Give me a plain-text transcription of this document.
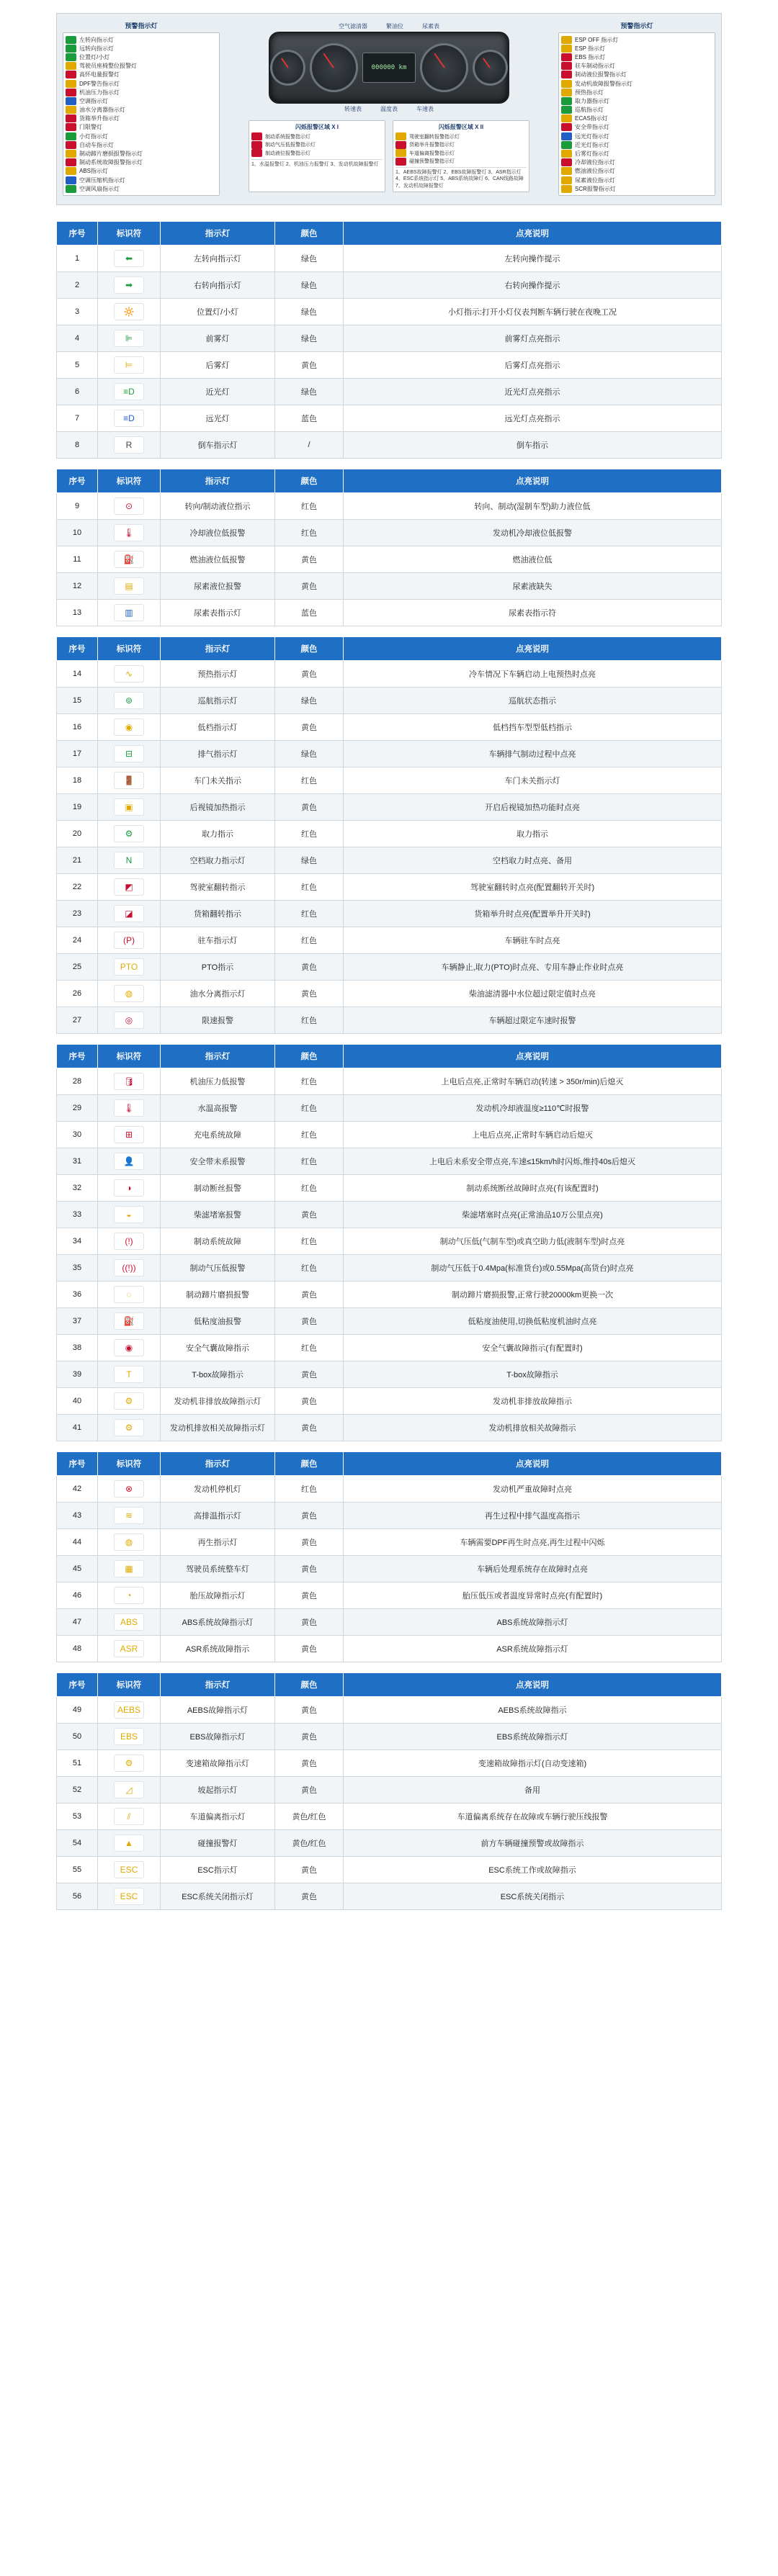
预警指示灯
左转向指示灯
远转向指示灯
位置灯/小灯
驾驶员座椅整位报警灯
高怀电量报警灯
DPF警告指示灯
机油压力指示灯
空调指示灯
油水分离器指示灯
货箱举升指示灯
门限警灯
小灯指示灯
自动车指示灯
制动蹄片磨损报警指示灯
制动系统故障报警指示灯
ABS指示灯
空调压缩机指示灯
空调风扇指示灯
空气滤清器	繁油位	尿素表
000000 km
转速表	温度表	车速表
闪烁报警区域 X I
制动系统报警指示灯
制动气压低报警指示灯
制动液位报警指示灯
1、水温报警灯 2、机油压力报警灯 3、发动机故障报警灯
闪烁报警区域 X II
驾驶室翻转报警指示灯
货箱举升报警指示灯
车道偏离报警指示灯
碰撞预警报警指示灯
1、AEBS故障报警灯 2、EBS故障报警灯 3、ASR指示灯 4、ESC系统指示灯 5、ABS系统故障灯 6、CAN线路故障 7、发动机故障报警灯
预警指示灯
ESP OFF 指示灯
ESP 指示灯
EBS 指示灯
驻车制动指示灯
制动液位报警指示灯
发动机故障报警指示灯
预热指示灯
取力器指示灯
巡航指示灯
ECAS指示灯
安全带指示灯
远光灯指示灯
近光灯指示灯
后雾灯指示灯
冷却液位指示灯
燃油液位指示灯
尿素液位指示灯
SCR报警指示灯
序号	标识符	指示灯	颜色	点亮说明
1	⬅	左转向指示灯	绿色	左转向操作提示
2	➡	右转向指示灯	绿色	右转向操作提示
3	🔆	位置灯/小灯	绿色	小灯指示:打开小灯仪表判断车辆行驶在夜晚工况
4	⊫	前雾灯	绿色	前雾灯点亮指示
5	⊨	后雾灯	黄色	后雾灯点亮指示
6	≡D	近光灯	绿色	近光灯点亮指示
7	≡D	远光灯	蓝色	远光灯点亮指示
8	R	倒车指示灯	/	倒车指示
序号	标识符	指示灯	颜色	点亮说明
9	⊙	转向/制动液位指示	红色	转向、制动(湿制车型)助力液位低
10	🌡	冷却液位低报警	红色	发动机冷却液位低报警
11	⛽	燃油液位低报警	黄色	燃油液位低
12	▤	尿素液位报警	黄色	尿素液缺失
13	▥	尿素表指示灯	蓝色	尿素表指示符
序号	标识符	指示灯	颜色	点亮说明
14	∿	预热指示灯	黄色	冷车情况下车辆启动上电预热时点亮
15	⊚	巡航指示灯	绿色	巡航状态指示
16	◉	低档指示灯	黄色	低档挡车型型低档指示
17	⊟	排气指示灯	绿色	车辆排气制动过程中点亮
18	🚪	车门未关指示	红色	车门未关指示灯
19	▣	后视镜加热指示	黄色	开启后视镜加热功能时点亮
20	⚙	取力指示	红色	取力指示
21	N	空档取力指示灯	绿色	空档取力时点亮、备用
22	◩	驾驶室翻转指示	红色	驾驶室翻转时点亮(配置翻转开关时)
23	◪	货箱翻转指示	红色	货箱举升时点亮(配置举升开关时)
24	(P)	驻车指示灯	红色	车辆驻车时点亮
25	PTO	PTO指示	黄色	车辆静止,取力(PTO)时点亮、专用车静止作业时点亮
26	◍	油水分离指示灯	黄色	柴油滤清器中水位超过限定值时点亮
27	◎	限速报警	红色	车辆超过限定车速时报警
序号	标识符	指示灯	颜色	点亮说明
28	🛢	机油压力低报警	红色	上电后点亮,正常时车辆启动(转速 > 350r/min)后熄灭
29	🌡	水温高报警	红色	发动机冷却液温度≥110℃时报警
30	⊞	充电系统故障	红色	上电后点亮,正常时车辆启动后熄灭
31	👤	安全带未系报警	红色	上电后未系安全带点亮,车速≤15km/h时闪烁,维持40s后熄灭
32	◑	制动断丝报警	红色	制动系统断丝故障时点亮(有该配置时)
33	◒	柴滤堵塞报警	黄色	柴滤堵塞时点亮(正常油品10万公里点亮)
34	(!)	制动系统故障	红色	制动气压低(气制车型)或真空助力低(液制车型)时点亮
35	((!))	制动气压低报警	红色	制动气压低于0.4Mpa(标准货台)或0.55Mpa(高货台)时点亮
36	◌	制动蹄片磨损报警	黄色	制动蹄片磨损报警,正常行驶20000km更换一次
37	⛽	低粘度油报警	黄色	低粘度油使用,切换低粘度机油时点亮
38	◉	安全气囊故障指示	红色	安全气囊故障指示(有配置时)
39	T	T-box故障指示	黄色	T-box故障指示
40	⚙	发动机非排放故障指示灯	黄色	发动机非排放故障指示
41	⚙	发动机排放相关故障指示灯	黄色	发动机排放相关故障指示
序号	标识符	指示灯	颜色	点亮说明
42	⊗	发动机停机灯	红色	发动机严重故障时点亮
43	≋	高排温指示灯	黄色	再生过程中排气温度高指示
44	◍	再生指示灯	黄色	车辆需要DPF再生时点亮,再生过程中闪烁
45	▦	驾驶员系统整车灯	黄色	车辆后处理系统存在故障时点亮
46	◔	胎压故障指示灯	黄色	胎压低压或者温度异常时点亮(有配置时)
47	ABS	ABS系统故障指示灯	黄色	ABS系统故障指示灯
48	ASR	ASR系统故障指示	黄色	ASR系统故障指示灯
序号	标识符	指示灯	颜色	点亮说明
49	AEBS	AEBS故障指示灯	黄色	AEBS系统故障指示
50	EBS	EBS故障指示灯	黄色	EBS系统故障指示灯
51	⚙	变速箱故障指示灯	黄色	变速箱故障指示灯(自动变速箱)
52	◿	坡起指示灯	黄色	备用
53	⫽	车道偏离指示灯	黄色/红色	车道偏离系统存在故障或车辆行驶压线报警
54	▲	碰撞报警灯	黄色/红色	前方车辆碰撞预警或故障指示
55	ESC	ESC指示灯	黄色	ESC系统工作或故障指示
56	ESC	ESC系统关闭指示灯	黄色	ESC系统关闭指示
